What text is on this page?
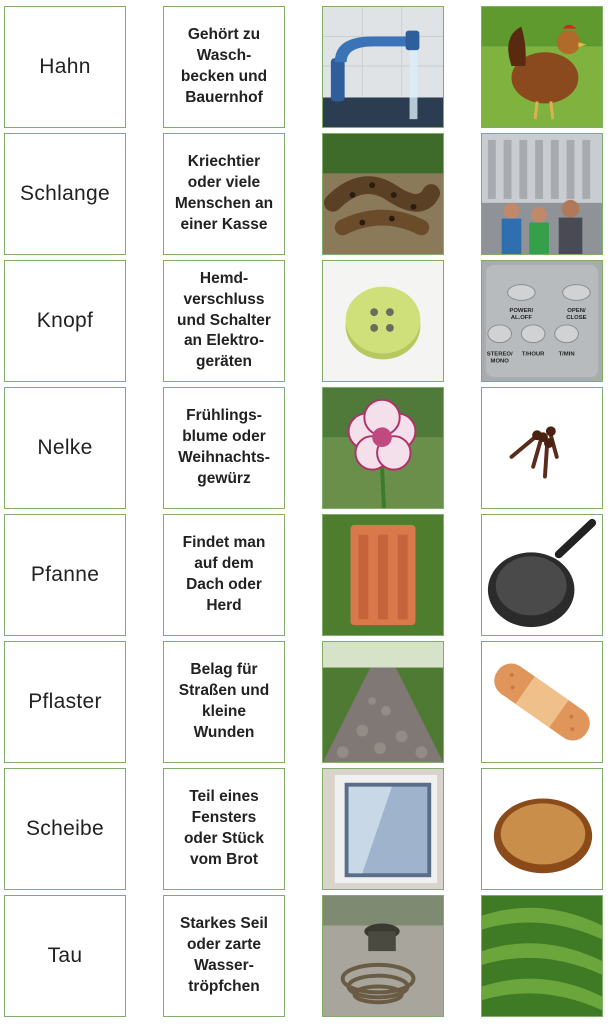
Hahn
Gehört zu
Wasch-
becken und
Bauernhof
Schlange
Kriechtier
oder viele
Menschen an
einer Kasse
Knopf
Hemd-
verschluss
und Schalter
an Elektro-
geräten
POWER/ AL.OFF
OPEN/ CLOSE
STEREO/ MONO
T/HOUR T/MIN
Nelke
Frühlings-
blume oder
Weihnachts-
gewürz
Pfanne
Findet man
auf dem
Dach oder
Herd
Pflaster
Belag für
Straßen und
kleine
Wunden
Scheibe
Teil eines
Fensters
oder Stück
vom Brot
Tau
Starkes Seil
oder zarte
Wasser-
tröpfchen
